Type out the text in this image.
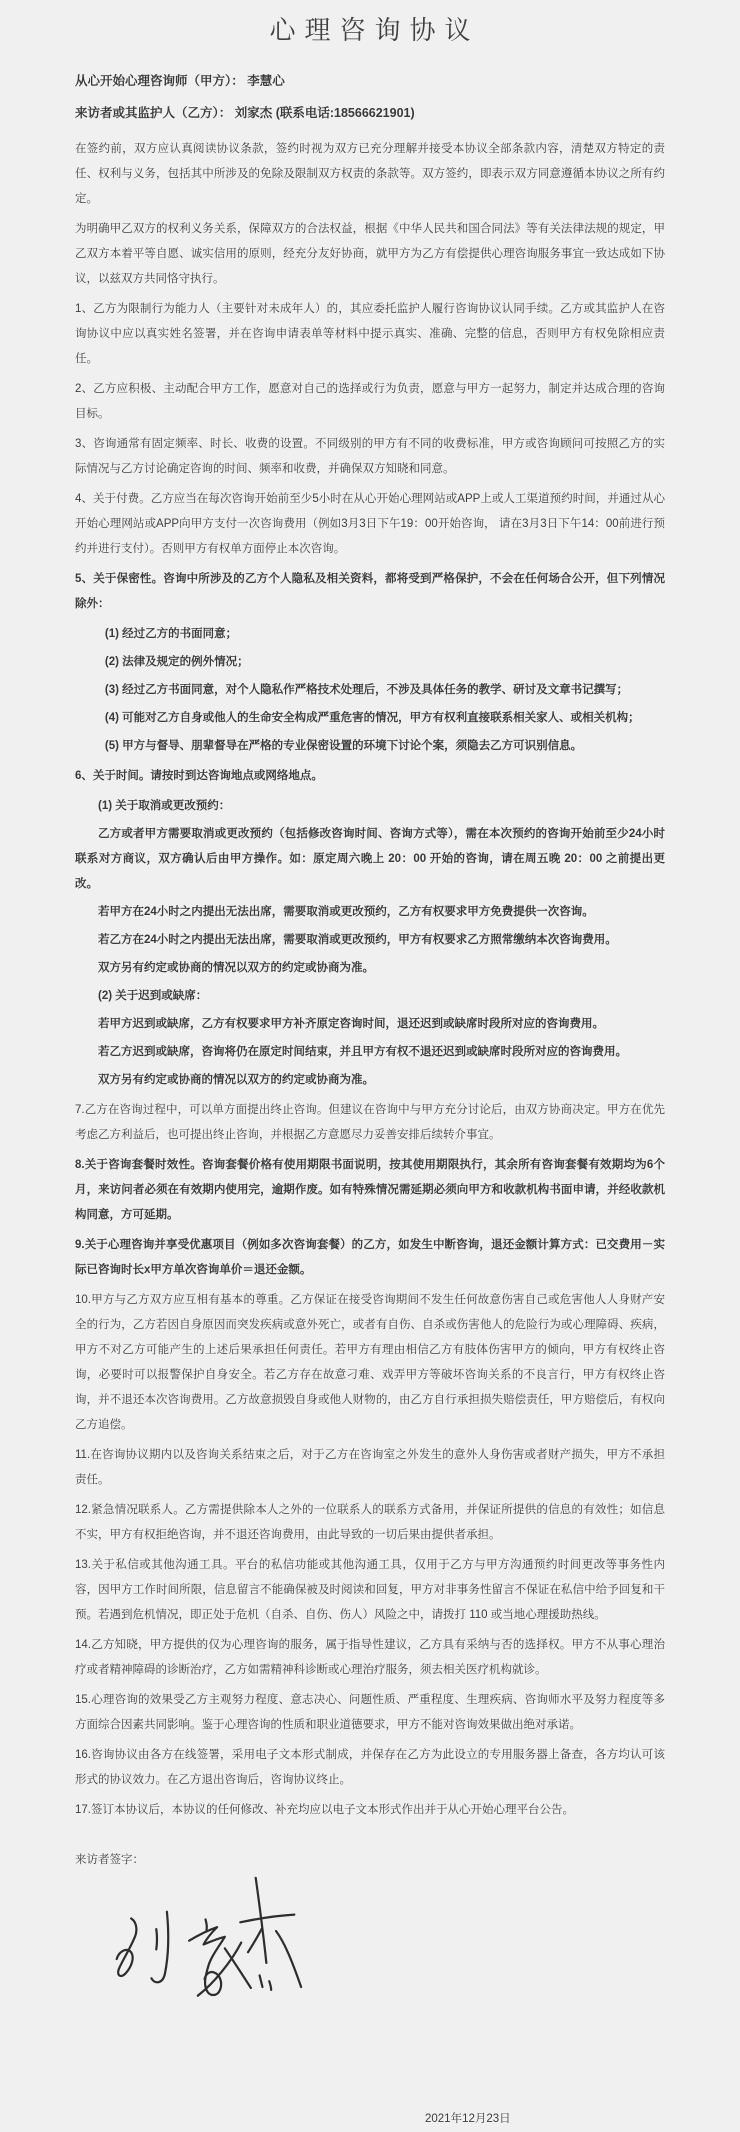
心理咨询协议

从心开始心理咨询师（甲方）： 李慧心

来访者或其监护人（乙方）： 刘家杰 (联系电话:18566621901)

在签约前，双方应认真阅读协议条款，签约时视为双方已充分理解并接受本协议全部条款内容，清楚双方特定的责任、权利与义务，包括其中所涉及的免除及限制双方权责的条款等。双方签约，即表示双方同意遵循本协议之所有约定。

为明确甲乙双方的权利义务关系，保障双方的合法权益，根据《中华人民共和国合同法》等有关法律法规的规定，甲乙双方本着平等自愿、诚实信用的原则，经充分友好协商，就甲方为乙方有偿提供心理咨询服务事宜一致达成如下协议，以兹双方共同恪守执行。

1、乙方为限制行为能力人（主要针对未成年人）的，其应委托监护人履行咨询协议认同手续。乙方或其监护人在咨询协议中应以真实姓名签署，并在咨询申请表单等材料中提示真实、准确、完整的信息，否则甲方有权免除相应责任。

2、乙方应积极、主动配合甲方工作，愿意对自己的选择或行为负责，愿意与甲方一起努力，制定并达成合理的咨询目标。

3、咨询通常有固定频率、时长、收费的设置。不同级别的甲方有不同的收费标准，甲方或咨询顾问可按照乙方的实际情况与乙方讨论确定咨询的时间、频率和收费，并确保双方知晓和同意。

4、关于付费。乙方应当在每次咨询开始前至少5小时在从心开始心理网站或APP上或人工渠道预约时间，并通过从心开始心理网站或APP向甲方支付一次咨询费用（例如3月3日下午19：00开始咨询， 请在3月3日下午14：00前进行预约并进行支付）。否则甲方有权单方面停止本次咨询。

5、关于保密性。咨询中所涉及的乙方个人隐私及相关资料，都将受到严格保护，不会在任何场合公开，但下列情况除外：

(1) 经过乙方的书面同意；

(2) 法律及规定的例外情况；

(3) 经过乙方书面同意，对个人隐私作严格技术处理后，不涉及具体任务的教学、研讨及文章书记撰写；

(4) 可能对乙方自身或他人的生命安全构成严重危害的情况，甲方有权利直接联系相关家人、或相关机构；

(5) 甲方与督导、朋辈督导在严格的专业保密设置的环境下讨论个案，须隐去乙方可识别信息。

6、关于时间。请按时到达咨询地点或网络地点。

(1) 关于取消或更改预约：

乙方或者甲方需要取消或更改预约（包括修改咨询时间、咨询方式等），需在本次预约的咨询开始前至少24小时联系对方商议，双方确认后由甲方操作。如：原定周六晚上 20：00 开始的咨询，请在周五晚 20：00 之前提出更改。

若甲方在24小时之内提出无法出席，需要取消或更改预约，乙方有权要求甲方免费提供一次咨询。

若乙方在24小时之内提出无法出席，需要取消或更改预约，甲方有权要求乙方照常缴纳本次咨询费用。

双方另有约定或协商的情况以双方的约定或协商为准。

(2) 关于迟到或缺席：

若甲方迟到或缺席，乙方有权要求甲方补齐原定咨询时间，退还迟到或缺席时段所对应的咨询费用。

若乙方迟到或缺席，咨询将仍在原定时间结束，并且甲方有权不退还迟到或缺席时段所对应的咨询费用。

双方另有约定或协商的情况以双方的约定或协商为准。

7.乙方在咨询过程中，可以单方面提出终止咨询。但建议在咨询中与甲方充分讨论后，由双方协商决定。甲方在优先考虑乙方利益后，也可提出终止咨询，并根据乙方意愿尽力妥善安排后续转介事宜。

8.关于咨询套餐时效性。咨询套餐价格有使用期限书面说明，按其使用期限执行，其余所有咨询套餐有效期均为6个月，来访问者必须在有效期内使用完，逾期作废。如有特殊情况需延期必须向甲方和收款机构书面申请，并经收款机构同意，方可延期。

9.关于心理咨询并享受优惠项目（例如多次咨询套餐）的乙方，如发生中断咨询，退还金额计算方式：已交费用－实际已咨询时长x甲方单次咨询单价＝退还金额。

10.甲方与乙方双方应互相有基本的尊重。乙方保证在接受咨询期间不发生任何故意伤害自己或危害他人人身财产安全的行为，乙方若因自身原因而突发疾病或意外死亡，或者有自伤、自杀或伤害他人的危险行为或心理障碍、疾病，甲方不对乙方可能产生的上述后果承担任何责任。若甲方有理由相信乙方有肢体伤害甲方的倾向，甲方有权终止咨询，必要时可以报警保护自身安全。若乙方存在故意刁难、戏弄甲方等破坏咨询关系的不良言行，甲方有权终止咨询，并不退还本次咨询费用。乙方故意损毁自身或他人财物的，由乙方自行承担损失赔偿责任，甲方赔偿后，有权向乙方追偿。

11.在咨询协议期内以及咨询关系结束之后，对于乙方在咨询室之外发生的意外人身伤害或者财产损失，甲方不承担责任。

12.紧急情况联系人。乙方需提供除本人之外的一位联系人的联系方式备用，并保证所提供的信息的有效性；如信息不实，甲方有权拒绝咨询，并不退还咨询费用，由此导致的一切后果由提供者承担。

13.关于私信或其他沟通工具。平台的私信功能或其他沟通工具，仅用于乙方与甲方沟通预约时间更改等事务性内容，因甲方工作时间所限，信息留言不能确保被及时阅读和回复，甲方对非事务性留言不保证在私信中给予回复和干预。若遇到危机情况，即正处于危机（自杀、自伤、伤人）风险之中，请拨打 110 或当地心理援助热线。

14.乙方知晓，甲方提供的仅为心理咨询的服务，属于指导性建议，乙方具有采纳与否的选择权。甲方不从事心理治疗或者精神障碍的诊断治疗，乙方如需精神科诊断或心理治疗服务，须去相关医疗机构就诊。

15.心理咨询的效果受乙方主观努力程度、意志决心、问题性质、严重程度、生理疾病、咨询师水平及努力程度等多方面综合因素共同影响。鉴于心理咨询的性质和职业道德要求，甲方不能对咨询效果做出绝对承诺。

16.咨询协议由各方在线签署，采用电子文本形式制成，并保存在乙方为此设立的专用服务器上备查，各方均认可该形式的协议效力。在乙方退出咨询后，咨询协议终止。

17.签订本协议后，本协议的任何修改、补充均应以电子文本形式作出并于从心开始心理平台公告。

来访者签字：

2021年12月23日
